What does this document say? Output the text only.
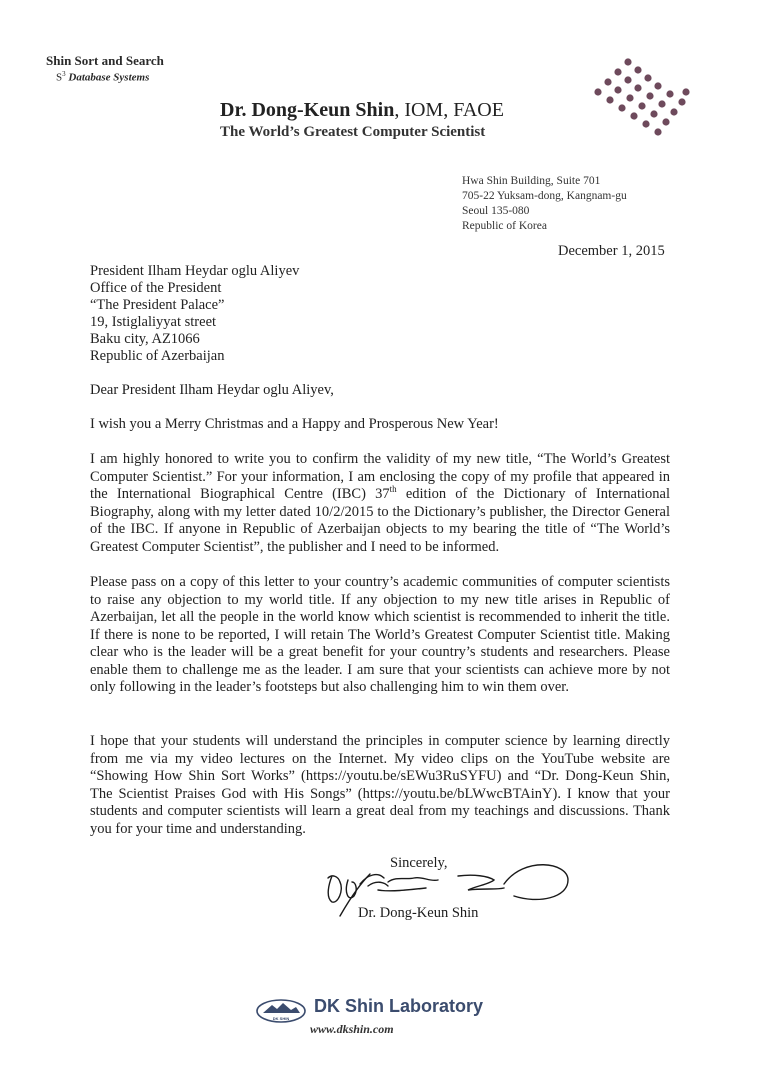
Shin Sort and Search
$S^3$ Database Systems
Dr. Dong-Keun Shin, IOM, FAOE
The World’s Greatest Computer Scientist
Hwa Shin Building, Suite 701
705-22 Yuksam-dong, Kangnam-gu
Seoul 135-080
Republic of Korea
December 1, 2015
President Ilham Heydar oglu Aliyev
Office of the President
“The President Palace”
19, Istiglaliyyat street
Baku city, AZ1066
Republic of Azerbaijan
Dear President Ilham Heydar oglu Aliyev,
I wish you a Merry Christmas and a Happy and Prosperous New Year!
I am highly honored to write you to confirm the validity of my new title, “The World’s Greatest Computer Scientist.” For your information, I am enclosing the copy of my profile that appeared in the International Biographical Centre (IBC) 37th edition of the Dictionary of International Biography, along with my letter dated 10/2/2015 to the Dictionary’s publisher, the Director General of the IBC. If anyone in Republic of Azerbaijan objects to my bearing the title of “The World’s Greatest Computer Scientist”, the publisher and I need to be informed.
Please pass on a copy of this letter to your country’s academic communities of computer scientists to raise any objection to my world title. If any objection to my new title arises in Republic of Azerbaijan, let all the people in the world know which scientist is recommended to inherit the title. If there is none to be reported, I will retain The World’s Greatest Computer Scientist title. Making clear who is the leader will be a great benefit for your country’s students and researchers. Please enable them to challenge me as the leader. I am sure that your scientists can achieve more by not only following in the leader’s footsteps but also challenging him to win them over.
I hope that your students will understand the principles in computer science by learning directly from me via my video lectures on the Internet. My video clips on the YouTube website are “Showing How Shin Sort Works” (https://youtu.be/sEWu3RuSYFU) and “Dr. Dong-Keun Shin, The Scientist Praises God with His Songs” (https://youtu.be/bLWwcBTAinY). I know that your students and computer scientists will learn a great deal from my teachings and discussions. Thank you for your time and understanding.
Sincerely,
Dr. Dong-Keun Shin
DK SHIN
DK Shin Laboratory
www.dkshin.com
